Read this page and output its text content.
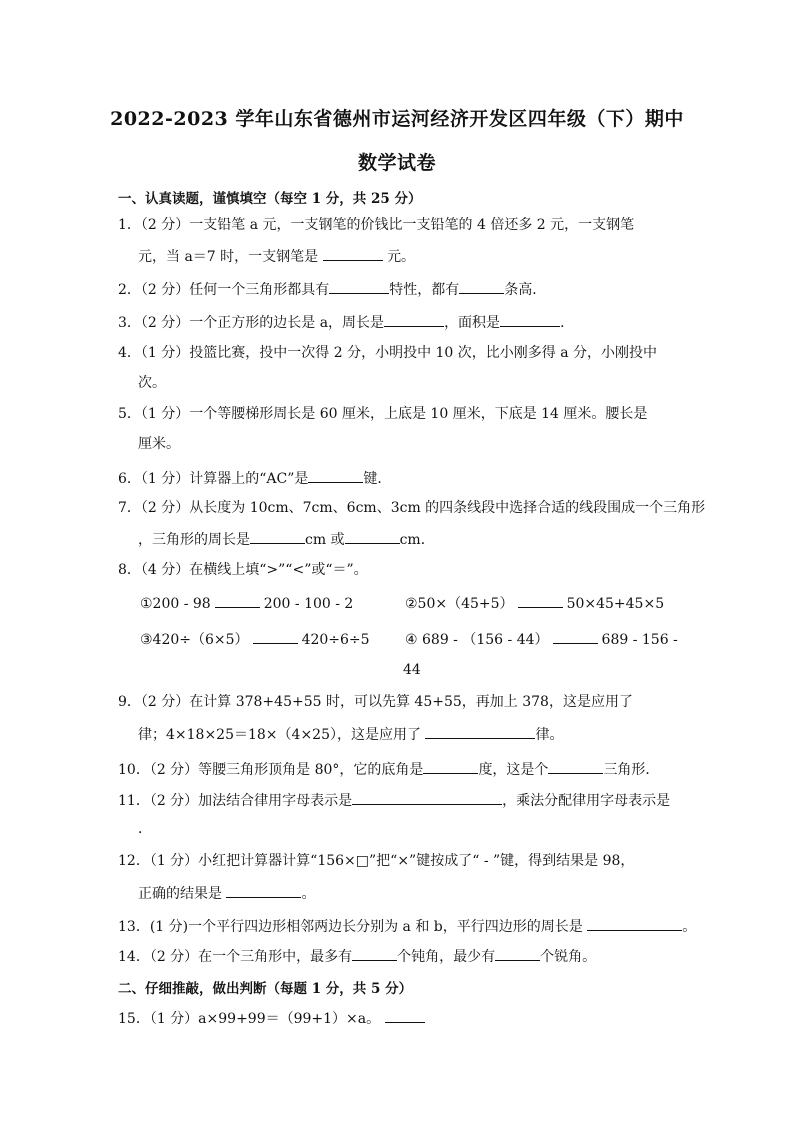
2022-2023 学年山东省德州市运河经济开发区四年级（下）期中
数学试卷
一、认真读题，谨慎填空（每空 1 分，共 25 分）
1．（2 分）一支铅笔 a 元，一支钢笔的价钱比一支铅笔的 4 倍还多 2 元，一支钢笔
元，当 a＝7 时，一支钢笔是	元。
2．（2 分）任何一个三角形都具有	特性，都有	条高．
3．（2 分）一个正方形的边长是 a，周长是	，面积是	．
4．（1 分）投篮比赛，投中一次得 2 分，小明投中 10 次，比小刚多得 a 分，小刚投中
次。
5．（1 分）一个等腰梯形周长是 60 厘米，上底是 10 厘米，下底是 14 厘米。腰长是
厘米。
6．（1 分）计算器上的“AC”是	键．
7．（2 分）从长度为 10cm、7cm、6cm、3cm 的四条线段中选择合适的线段围成一个三角形
，三角形的周长是	cm 或	cm．
8．（4 分）在横线上填“>”“<”或“＝”。
①200 - 98	200 - 100 - 2	②50×（45+5）	50×45+45×5
③420÷（6×5）	420÷6÷5	④ 689 - （156 - 44）	689 - 156 -
44
9．（2 分）在计算 378+45+55 时，可以先算 45+55，再加上 378，这是应用了
律；4×18×25＝18×（4×25），这是应用了	律。
10．（2 分）等腰三角形顶角是 80°，它的底角是	度，这是个	三角形．
11．（2 分）加法结合律用字母表示是	，乘法分配律用字母表示是
．
12．（1 分）小红把计算器计算“156×□”把“×”键按成了“ - ”键，得到结果是 98，
正确的结果是	。
13．(1 分)一个平行四边形相邻两边长分别为 a 和 b，平行四边形的周长是	。
14．（2 分）在一个三角形中，最多有	个钝角，最少有	个锐角。
二、仔细推敲，做出判断（每题 1 分，共 5 分）
15．（1 分）a×99+99＝（99+1）×a。
